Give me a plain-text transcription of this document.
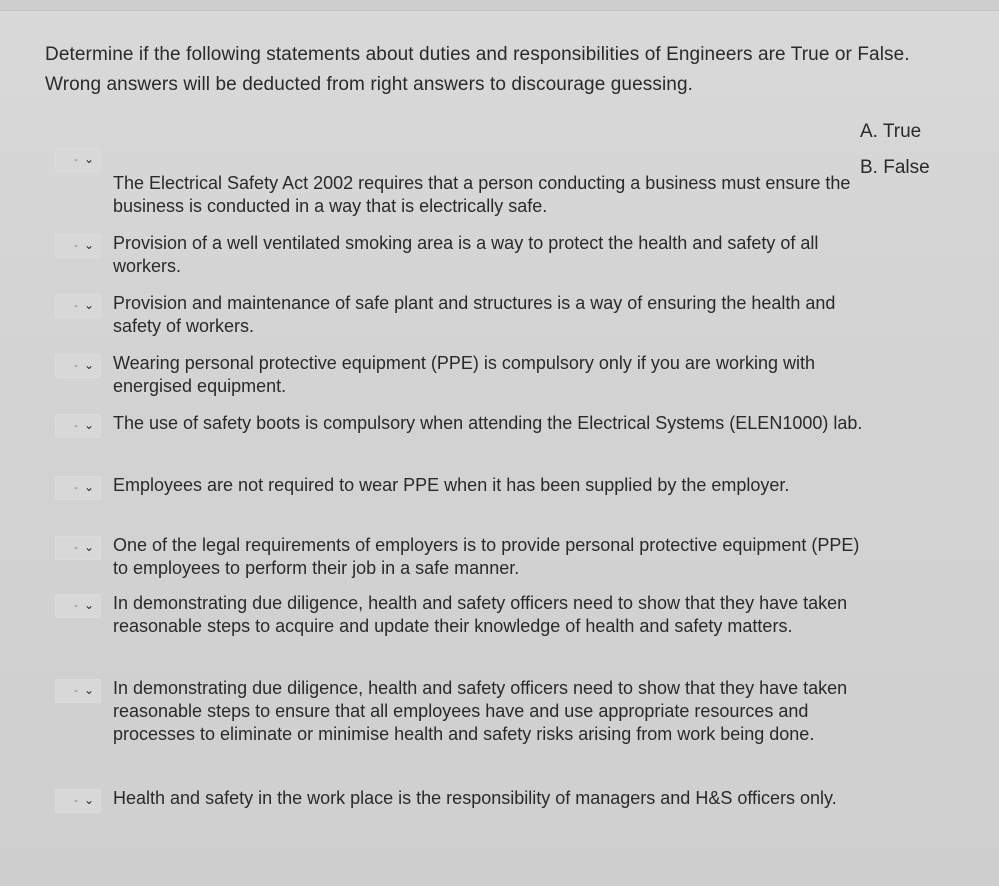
Determine if the following statements about duties and responsibilities of Engineers are True or False.
Wrong answers will be deducted from right answers to discourage guessing.
A. True
B. False
- ⌄
The Electrical Safety Act 2002 requires that a person conducting a business must ensure the business is conducted in a way that is electrically safe.
- ⌄ Provision of a well ventilated smoking area is a way to protect the health and safety of all workers.
- ⌄ Provision and maintenance of safe plant and structures is a way of ensuring the health and safety of workers.
- ⌄ Wearing personal protective equipment (PPE) is compulsory only if you are working with energised equipment.
- ⌄ The use of safety boots is compulsory when attending the Electrical Systems (ELEN1000) lab.
- ⌄ Employees are not required to wear PPE when it has been supplied by the employer.
- ⌄ One of the legal requirements of employers is to provide personal protective equipment (PPE) to employees to perform their job in a safe manner.
- ⌄ In demonstrating due diligence, health and safety officers need to show that they have taken reasonable steps to acquire and update their knowledge of health and safety matters.
- ⌄ In demonstrating due diligence, health and safety officers need to show that they have taken reasonable steps to ensure that all employees have and use appropriate resources and processes to eliminate or minimise health and safety risks arising from work being done.
- ⌄ Health and safety in the work place is the responsibility of managers and H&S officers only.
